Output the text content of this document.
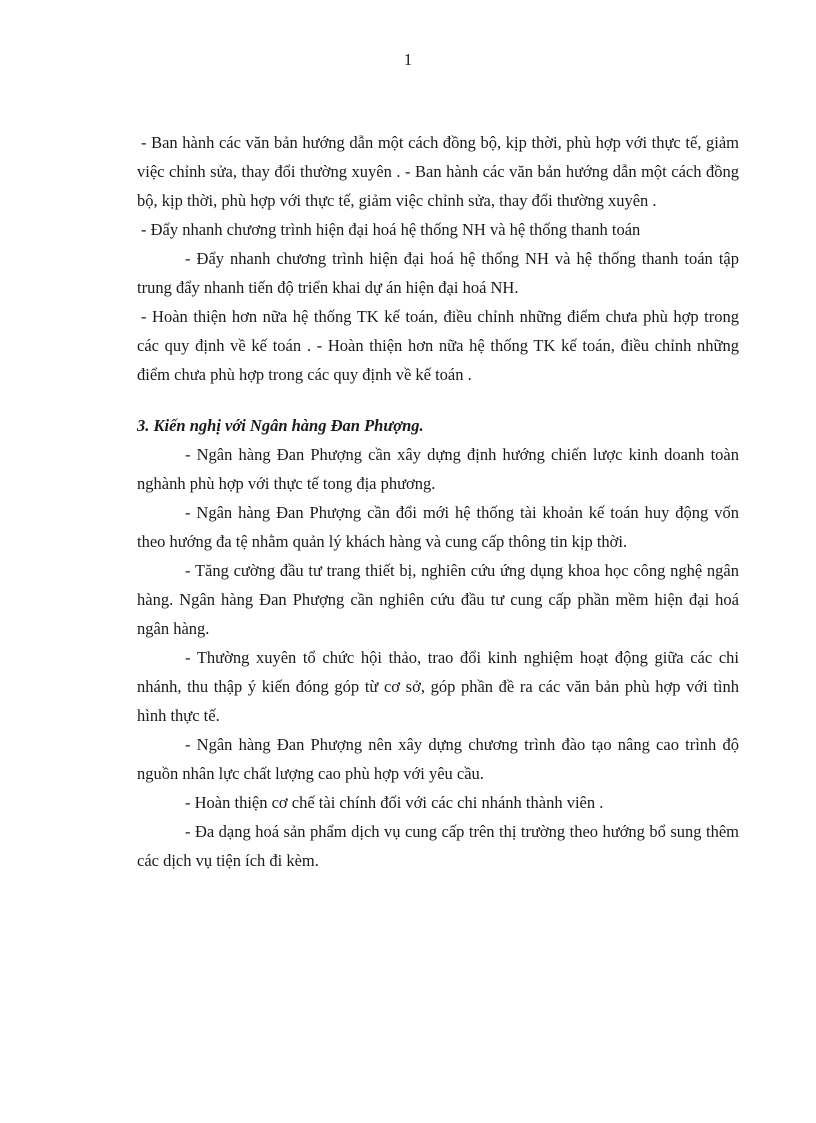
1

- Ban hành các văn bản hướng dẫn một cách đồng bộ, kịp thời, phù hợp với thực tế, giảm việc chỉnh sửa, thay đổi thường xuyên . - Ban hành các văn bản hướng dẫn một cách đồng bộ, kịp thời, phù hợp với thực tế, giảm việc chỉnh sửa, thay đổi thường xuyên .

- Đẩy nhanh chương trình hiện đại hoá hệ thống NH và hệ thống thanh toán

- Đẩy nhanh chương trình hiện đại hoá hệ thống NH và hệ thống thanh toán tập trung đẩy nhanh tiến độ triển khai dự án hiện đại hoá NH.

- Hoàn thiện hơn nữa hệ thống TK kế toán, điều chỉnh những điểm chưa phù hợp trong các quy định về kế toán . - Hoàn thiện hơn nữa hệ thống TK kế toán, điều chỉnh những điểm chưa phù hợp trong các quy định về kế toán .

3. Kiến nghị với Ngân hàng Đan Phượng.

- Ngân hàng Đan Phượng cần xây dựng định hướng chiến lược kinh doanh toàn nghành phù hợp với thực tế tong địa phương.

- Ngân hàng Đan Phượng cần đổi mới hệ thống tài khoản kế toán huy động vốn theo hướng đa tệ nhằm quản lý khách hàng và cung cấp thông tin kịp thời.

- Tăng cường đầu tư trang thiết bị, nghiên cứu ứng dụng khoa học công nghệ ngân hàng. Ngân hàng Đan Phượng cần nghiên cứu đầu tư cung cấp phần mềm hiện đại hoá ngân hàng.

- Thường xuyên tổ chức hội thảo, trao đổi kinh nghiệm hoạt động giữa các chi nhánh, thu thập ý kiến đóng góp từ cơ sở, góp phần đề ra các văn bản phù hợp với tình hình thực tế.

- Ngân hàng Đan Phượng nên xây dựng chương trình đào tạo nâng cao trình độ nguồn nhân lực chất lượng cao phù hợp với yêu cầu.

- Hoàn thiện cơ chế tài chính đối với các chi nhánh thành viên .

- Đa dạng hoá sản phẩm dịch vụ cung cấp trên thị trường theo hướng bổ sung thêm các dịch vụ tiện ích đi kèm.
